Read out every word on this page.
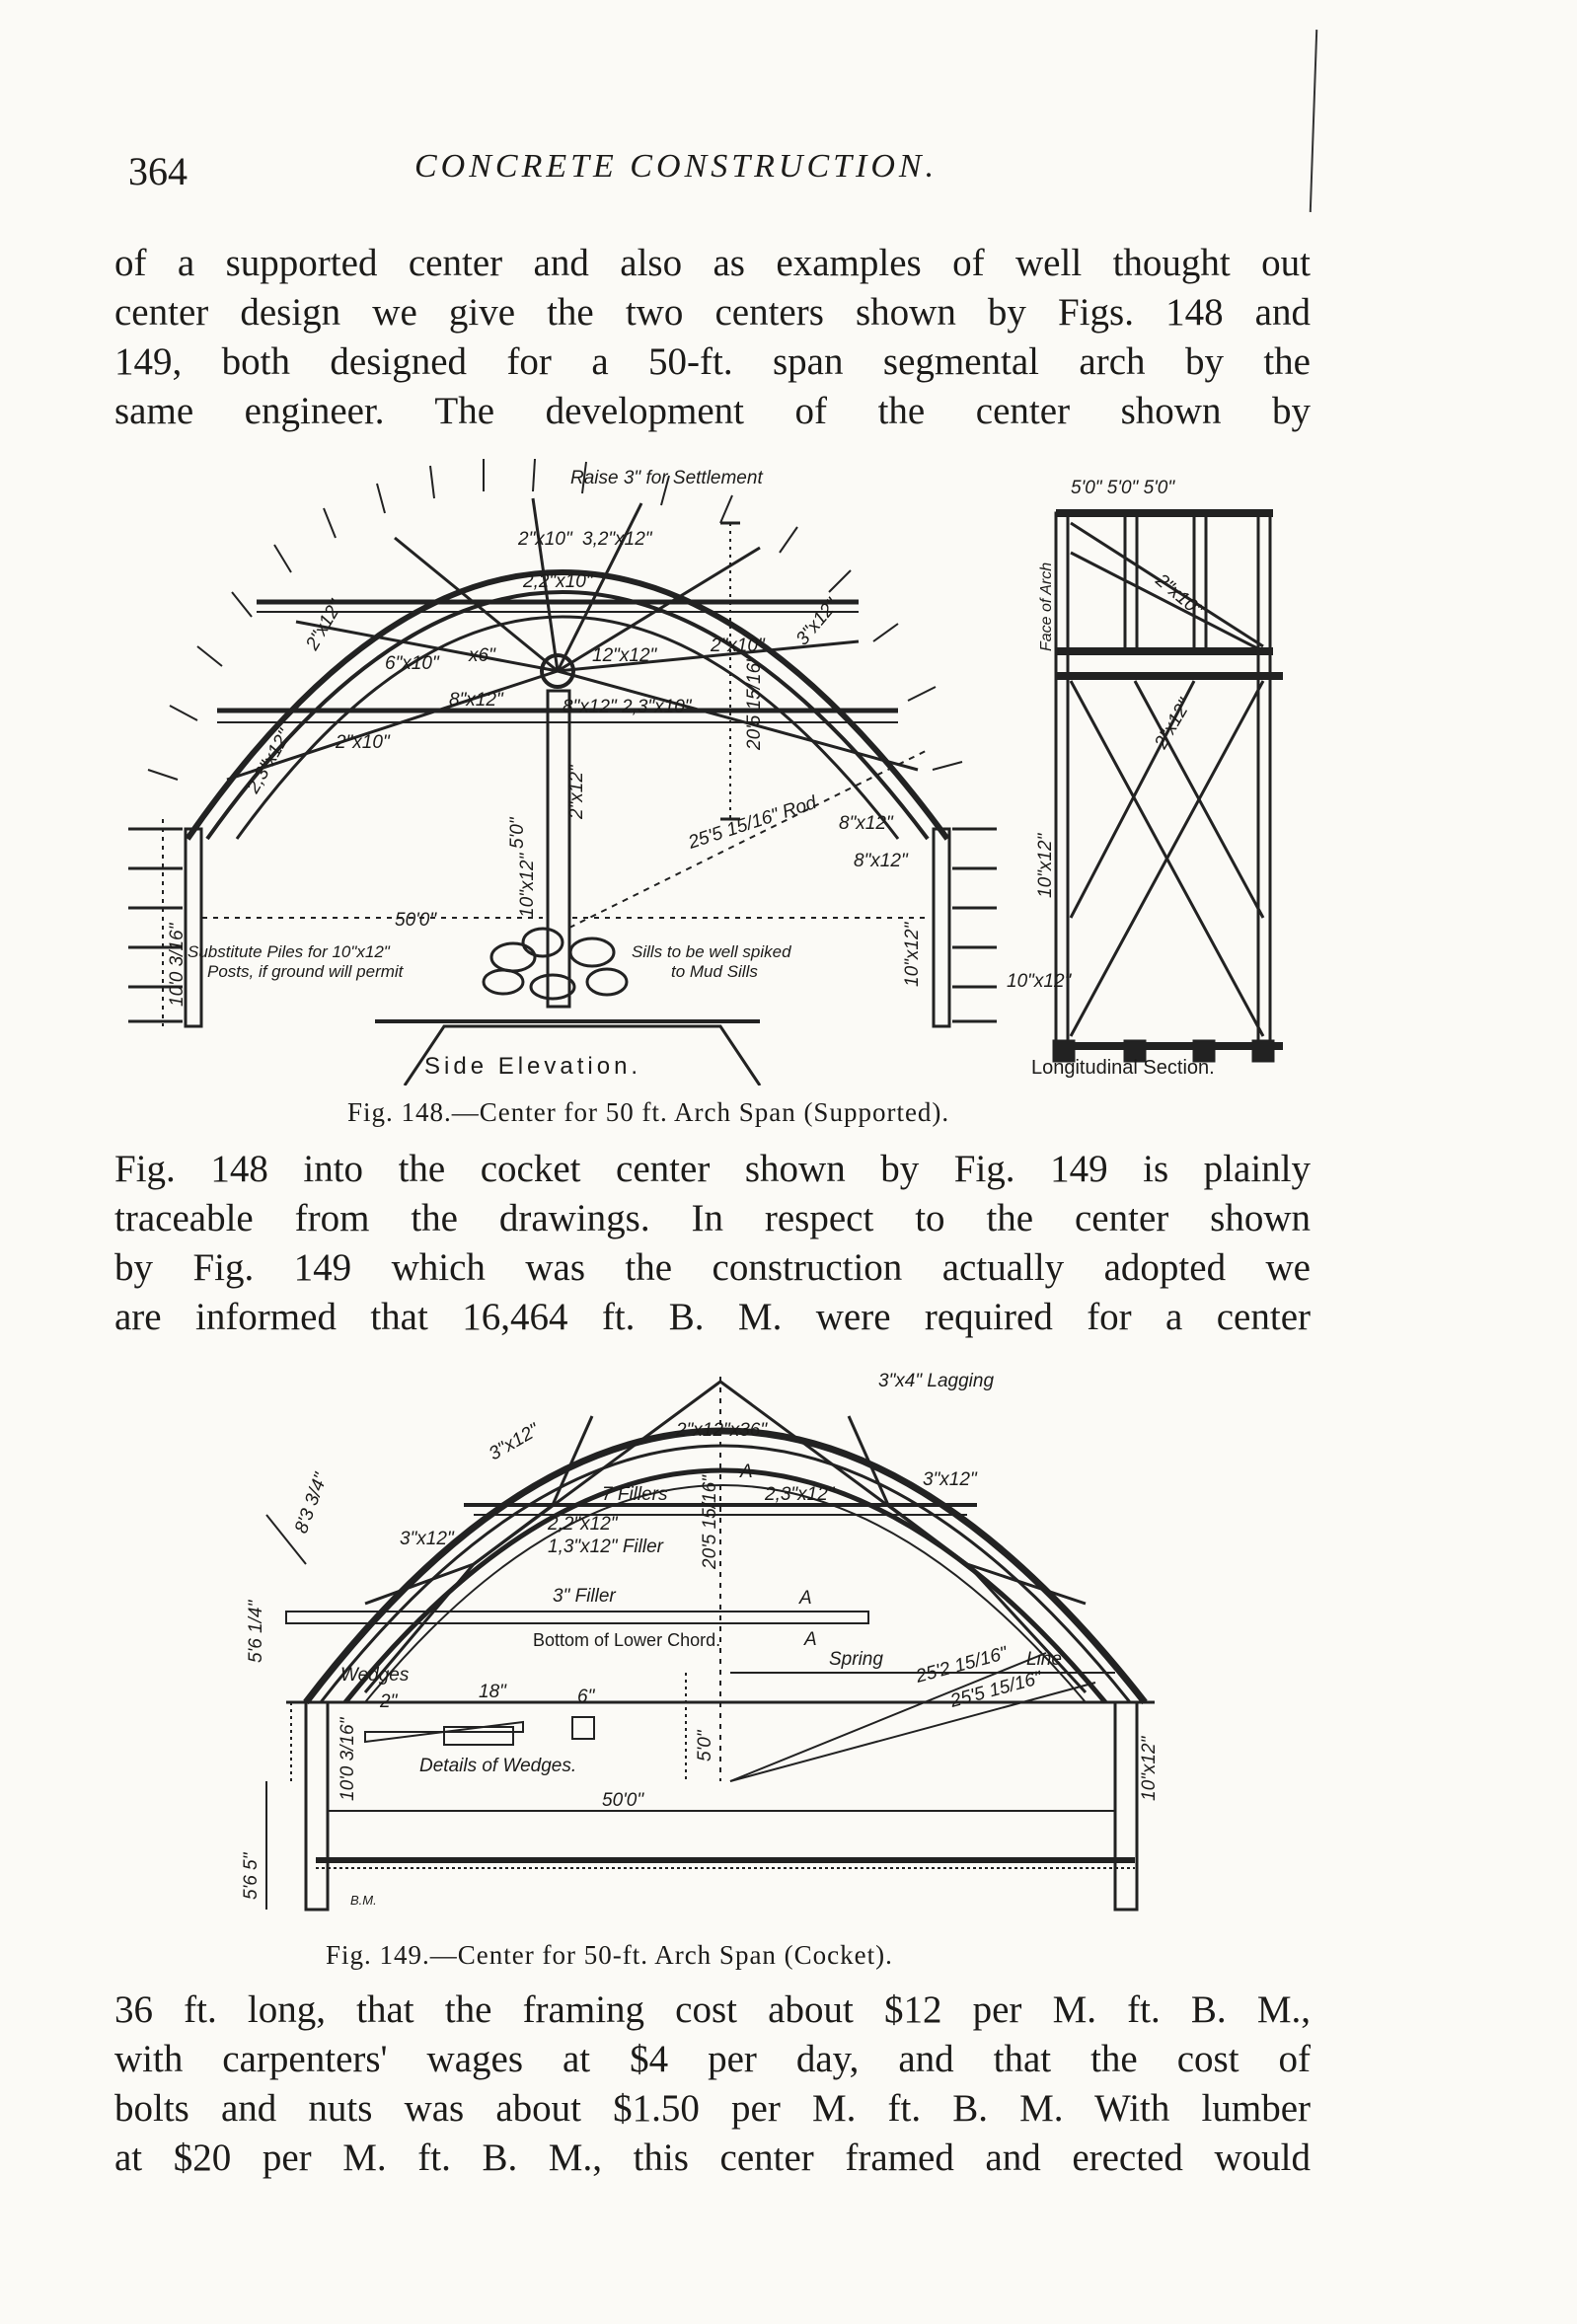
364	CONCRETE CONSTRUCTION.
of a supported center and also as examples of well thought out
center design we give the two centers shown by Figs. 148 and
149, both designed for a 50-ft. span segmental arch by the
same engineer. The development of the center shown by
Raise 3" for Settlement
2"x10" 3,2"x12"
2,2"x10"
2"x12"
6"x10" x6"	12"x12"	2"x10" 3"x12"
8"x12"	8"x12" 2,3"x10"
2"x10"
2,3"x12"
10"x12"
2"x12"
25'5 15/16" Rod 8"x12"
8"x12"
50'0"
20'5 15/16"
5'0"
10'0 3/16" Substitute Piles for 10"x12"
Posts, if ground will permit
Sills to be well spiked
to Mud Sills	10"x12"
5'0" 5'0" 5'0"
Face of Arch	2"x10"
2"x12"
10"x12"
10"x12"
Side Elevation.	Longitudinal Section.
Fig. 148.—Center for 50 ft. Arch Span (Supported).
Fig. 148 into the cocket center shown by Fig. 149 is plainly
traceable from the drawings. In respect to the center shown
by Fig. 149 which was the construction actually adopted we
are informed that 16,464 ft. B. M. were required for a center
3"x4" Lagging
2"x12"x36"
3"x12"
3"x12"
3"x12"
7 Fillers	2,3"x12"
2,2"x12"
1,3"x12" Filler 20'5 15/16"
3" Filler
A
A
A
Bottom of Lower Chord.
Wedges
2"	18"	6"
Details of Wedges.
Spring	Line
25'2 15/16"
25'5 15/16"
5'0"
10'0 3/16"	50'0"	10"x12"
8'3 3/4"
5'6 1/4"
5'6 5"
B.M.
Fig. 149.—Center for 50-ft. Arch Span (Cocket).
36 ft. long, that the framing cost about $12 per M. ft. B. M.,
with carpenters' wages at $4 per day, and that the cost of
bolts and nuts was about $1.50 per M. ft. B. M. With lumber
at $20 per M. ft. B. M., this center framed and erected would
